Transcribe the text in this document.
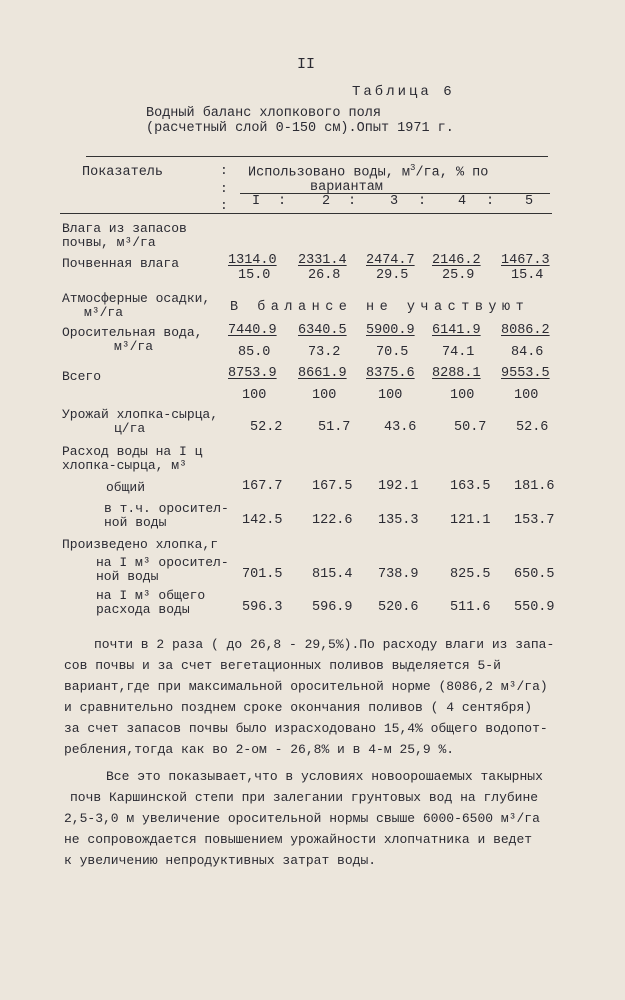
II
Таблица 6
Водный баланс хлопкового поля
(расчетный слой 0-150 см).Опыт 1971 г.
Показатель	:
:
:
Использовано воды, $м^3/га$, % по
вариантам
I :	2 :	3 : 4 : 5
Влага из запасов
почвы, м³/га
Почвенная влага	1314.0 2331.4 2474.7 2146.2 1467.3
15.0	26.8	29.5 25.9	15.4
Атмосферные осадки,
м³/га	В балансе не участвуют
Оросительная вода,
м³/га
7440.9 6340.5 5900.9 6141.9 8086.2
85.0	73.2	70.5 74.1	84.6
Всего	8753.9 8661.9 8375.6 8288.1 9553.5
100	100	100	100	100
Урожай хлопка-сырца,
ц/га	52.2	51.7 43.6	50.7 52.6
Расход воды на I ц
хлопка-сырца, м³
общий	167.7 167.5 192.1 163.5 181.6
в т.ч. оросител-
ной воды	142.5 122.6 135.3 121.1 153.7
Произведено хлопка,г
на I м³ оросител-
ной воды	701.5 815.4 738.9 825.5 650.5
на I м³ общего
расхода воды	596.3 596.9 520.6 511.6 550.9
почти в 2 раза ( до 26,8 - 29,5%).По расходу влаги из запа-
сов почвы и за счет вегетационных поливов выделяется 5-й
вариант,где при максимальной оросительной норме (8086,2 м³/га)
и сравнительно позднем сроке окончания поливов ( 4 сентября)
за счет запасов почвы было израсходовано 15,4% общего водопот-
ребления,тогда как во 2-ом - 26,8% и в 4-м 25,9 %.
Все это показывает,что в условиях новоорошаемых такырных
почв Каршинской степи при залегании грунтовых вод на глубине
2,5-3,0 м увеличение оросительной нормы свыше 6000-6500 м³/га
не сопровождается повышением урожайности хлопчатника и ведет
к увеличению непродуктивных затрат воды.
